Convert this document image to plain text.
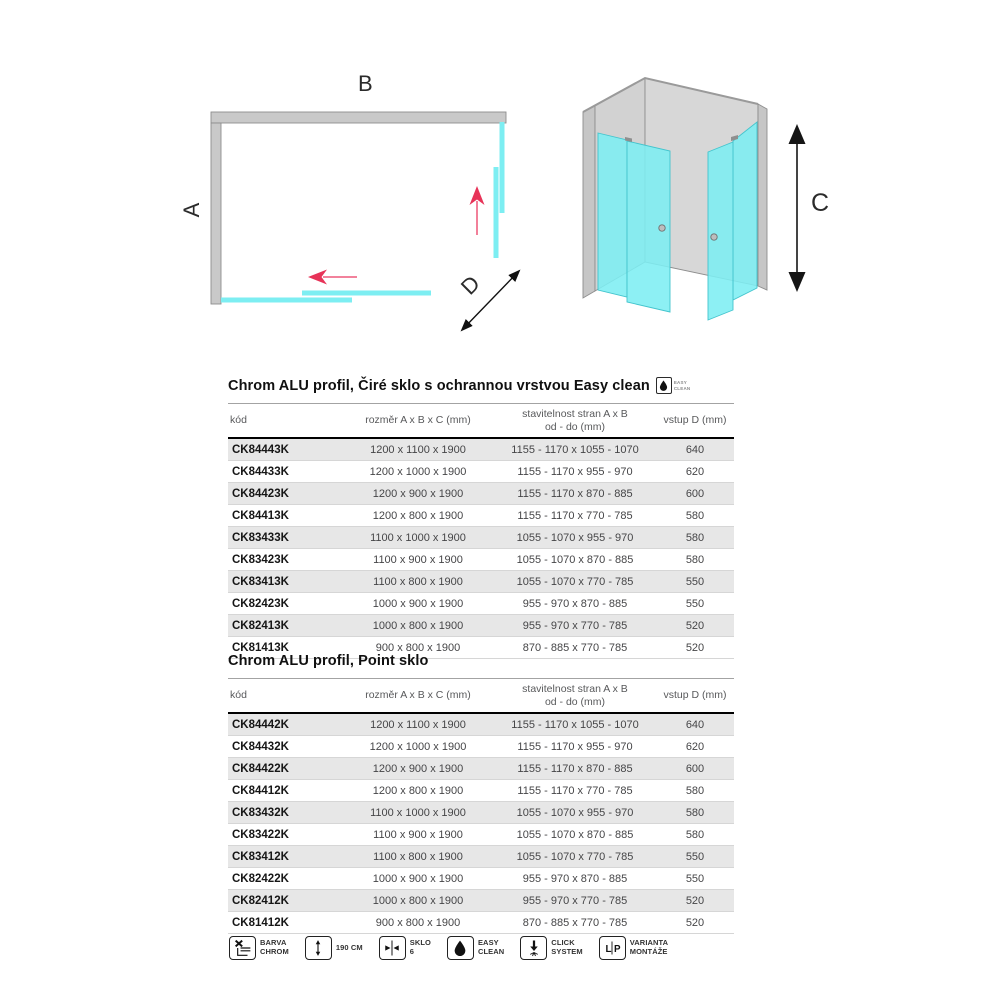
B
A
D
C
Chrom ALU profil, Čiré sklo s ochrannou vrstvou Easy clean	EASY
CLEAN
kód	rozměr A x B x C (mm)	stavitelnost stran A x B
od - do (mm)	vstup D (mm)
CK84443K	1200 x 1100 x 1900	1155 - 1170 x 1055 - 1070	640
CK84433K	1200 x 1000 x 1900	1155 - 1170 x 955 - 970	620
CK84423K	1200 x 900 x 1900	1155 - 1170 x 870 - 885	600
CK84413K	1200 x 800 x 1900	1155 - 1170 x 770 - 785	580
CK83433K	1100 x 1000 x 1900	1055 - 1070 x 955 - 970	580
CK83423K	1100 x 900 x 1900	1055 - 1070 x 870 - 885	580
CK83413K	1100 x 800 x 1900	1055 - 1070 x 770 - 785	550
CK82423K	1000 x 900 x 1900	955 - 970 x 870 - 885	550
CK82413K	1000 x 800 x 1900	955 - 970 x 770 - 785	520
CK81413K	900 x 800 x 1900	870 - 885 x 770 - 785	520
Chrom ALU profil, Point sklo
kód	rozměr A x B x C (mm)	stavitelnost stran A x B
od - do (mm)	vstup D (mm)
CK84442K	1200 x 1100 x 1900	1155 - 1170 x 1055 - 1070	640
CK84432K	1200 x 1000 x 1900	1155 - 1170 x 955 - 970	620
CK84422K	1200 x 900 x 1900	1155 - 1170 x 870 - 885	600
CK84412K	1200 x 800 x 1900	1155 - 1170 x 770 - 785	580
CK83432K	1100 x 1000 x 1900	1055 - 1070 x 955 - 970	580
CK83422K	1100 x 900 x 1900	1055 - 1070 x 870 - 885	580
CK83412K	1100 x 800 x 1900	1055 - 1070 x 770 - 785	550
CK82422K	1000 x 900 x 1900	955 - 970 x 870 - 885	550
CK82412K	1000 x 800 x 1900	955 - 970 x 770 - 785	520
CK81412K	900 x 800 x 1900	870 - 885 x 770 - 785	520
BARVA
CHROM	190 CM	SKLO
6
EASY
CLEAN
CLICK
SYSTEM L P
VARIANTA
MONTÁŽE
